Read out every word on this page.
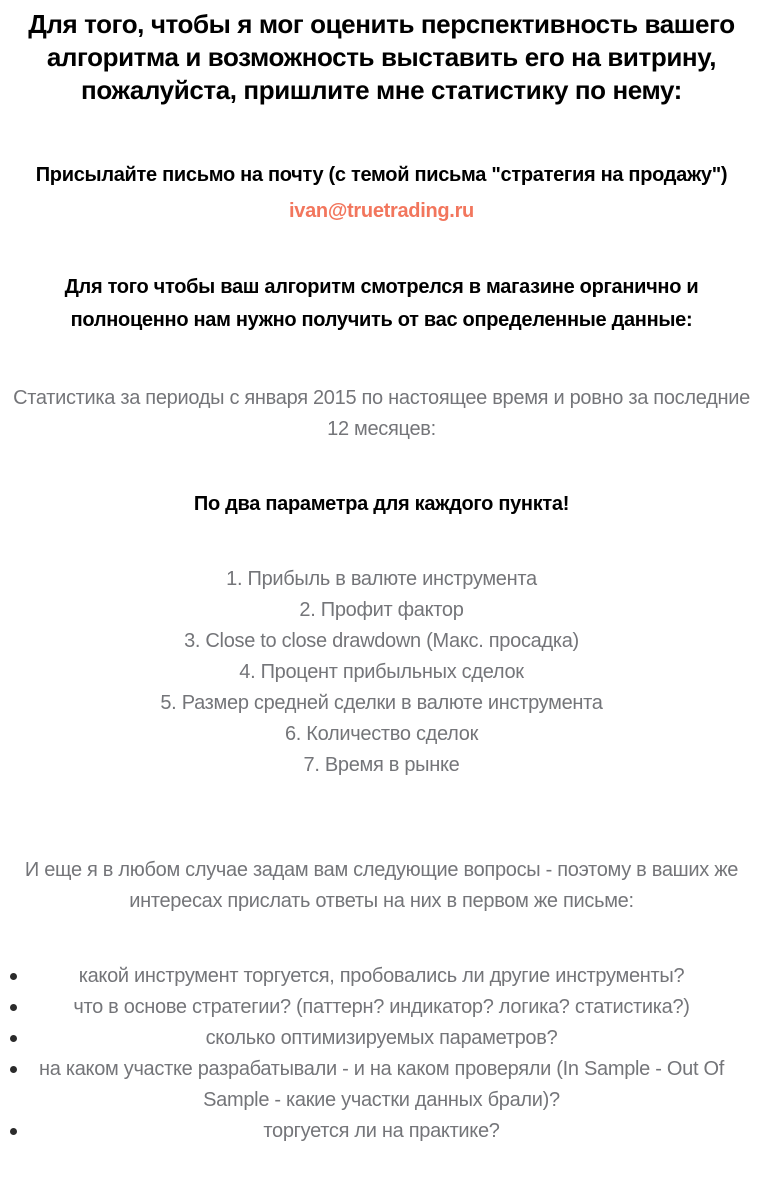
Для того, чтобы я мог оценить перспективность вашего алгоритма и возможность выставить его на витрину, пожалуйста, пришлите мне статистику по нему:
Присылайте письмо на почту (с темой письма "стратегия на продажу")
ivan@truetrading.ru

Для того чтобы ваш алгоритм смотрелся в магазине органично и полноценно нам нужно получить от вас определенные данные:

Статистика за периоды с января 2015 по настоящее время и ровно за последние 12 месяцев:

По два параметра для каждого пункта!

1. Прибыль в валюте инструмента
2. Профит фактор
3. Close to close drawdown (Макс. просадка)
4. Процент прибыльных сделок
5. Размер средней сделки в валюте инструмента
6. Количество сделок
7. Время в рынке

И еще я в любом случае задам вам следующие вопросы - поэтому в ваших же интересах прислать ответы на них в первом же письме:

какой инструмент торгуется, пробовались ли другие инструменты?
что в основе стратегии? (паттерн? индикатор? логика? статистика?)
сколько оптимизируемых параметров?
на каком участке разрабатывали - и на каком проверяли (In Sample - Out Of Sample - какие участки данных брали)?
торгуется ли на практике?
